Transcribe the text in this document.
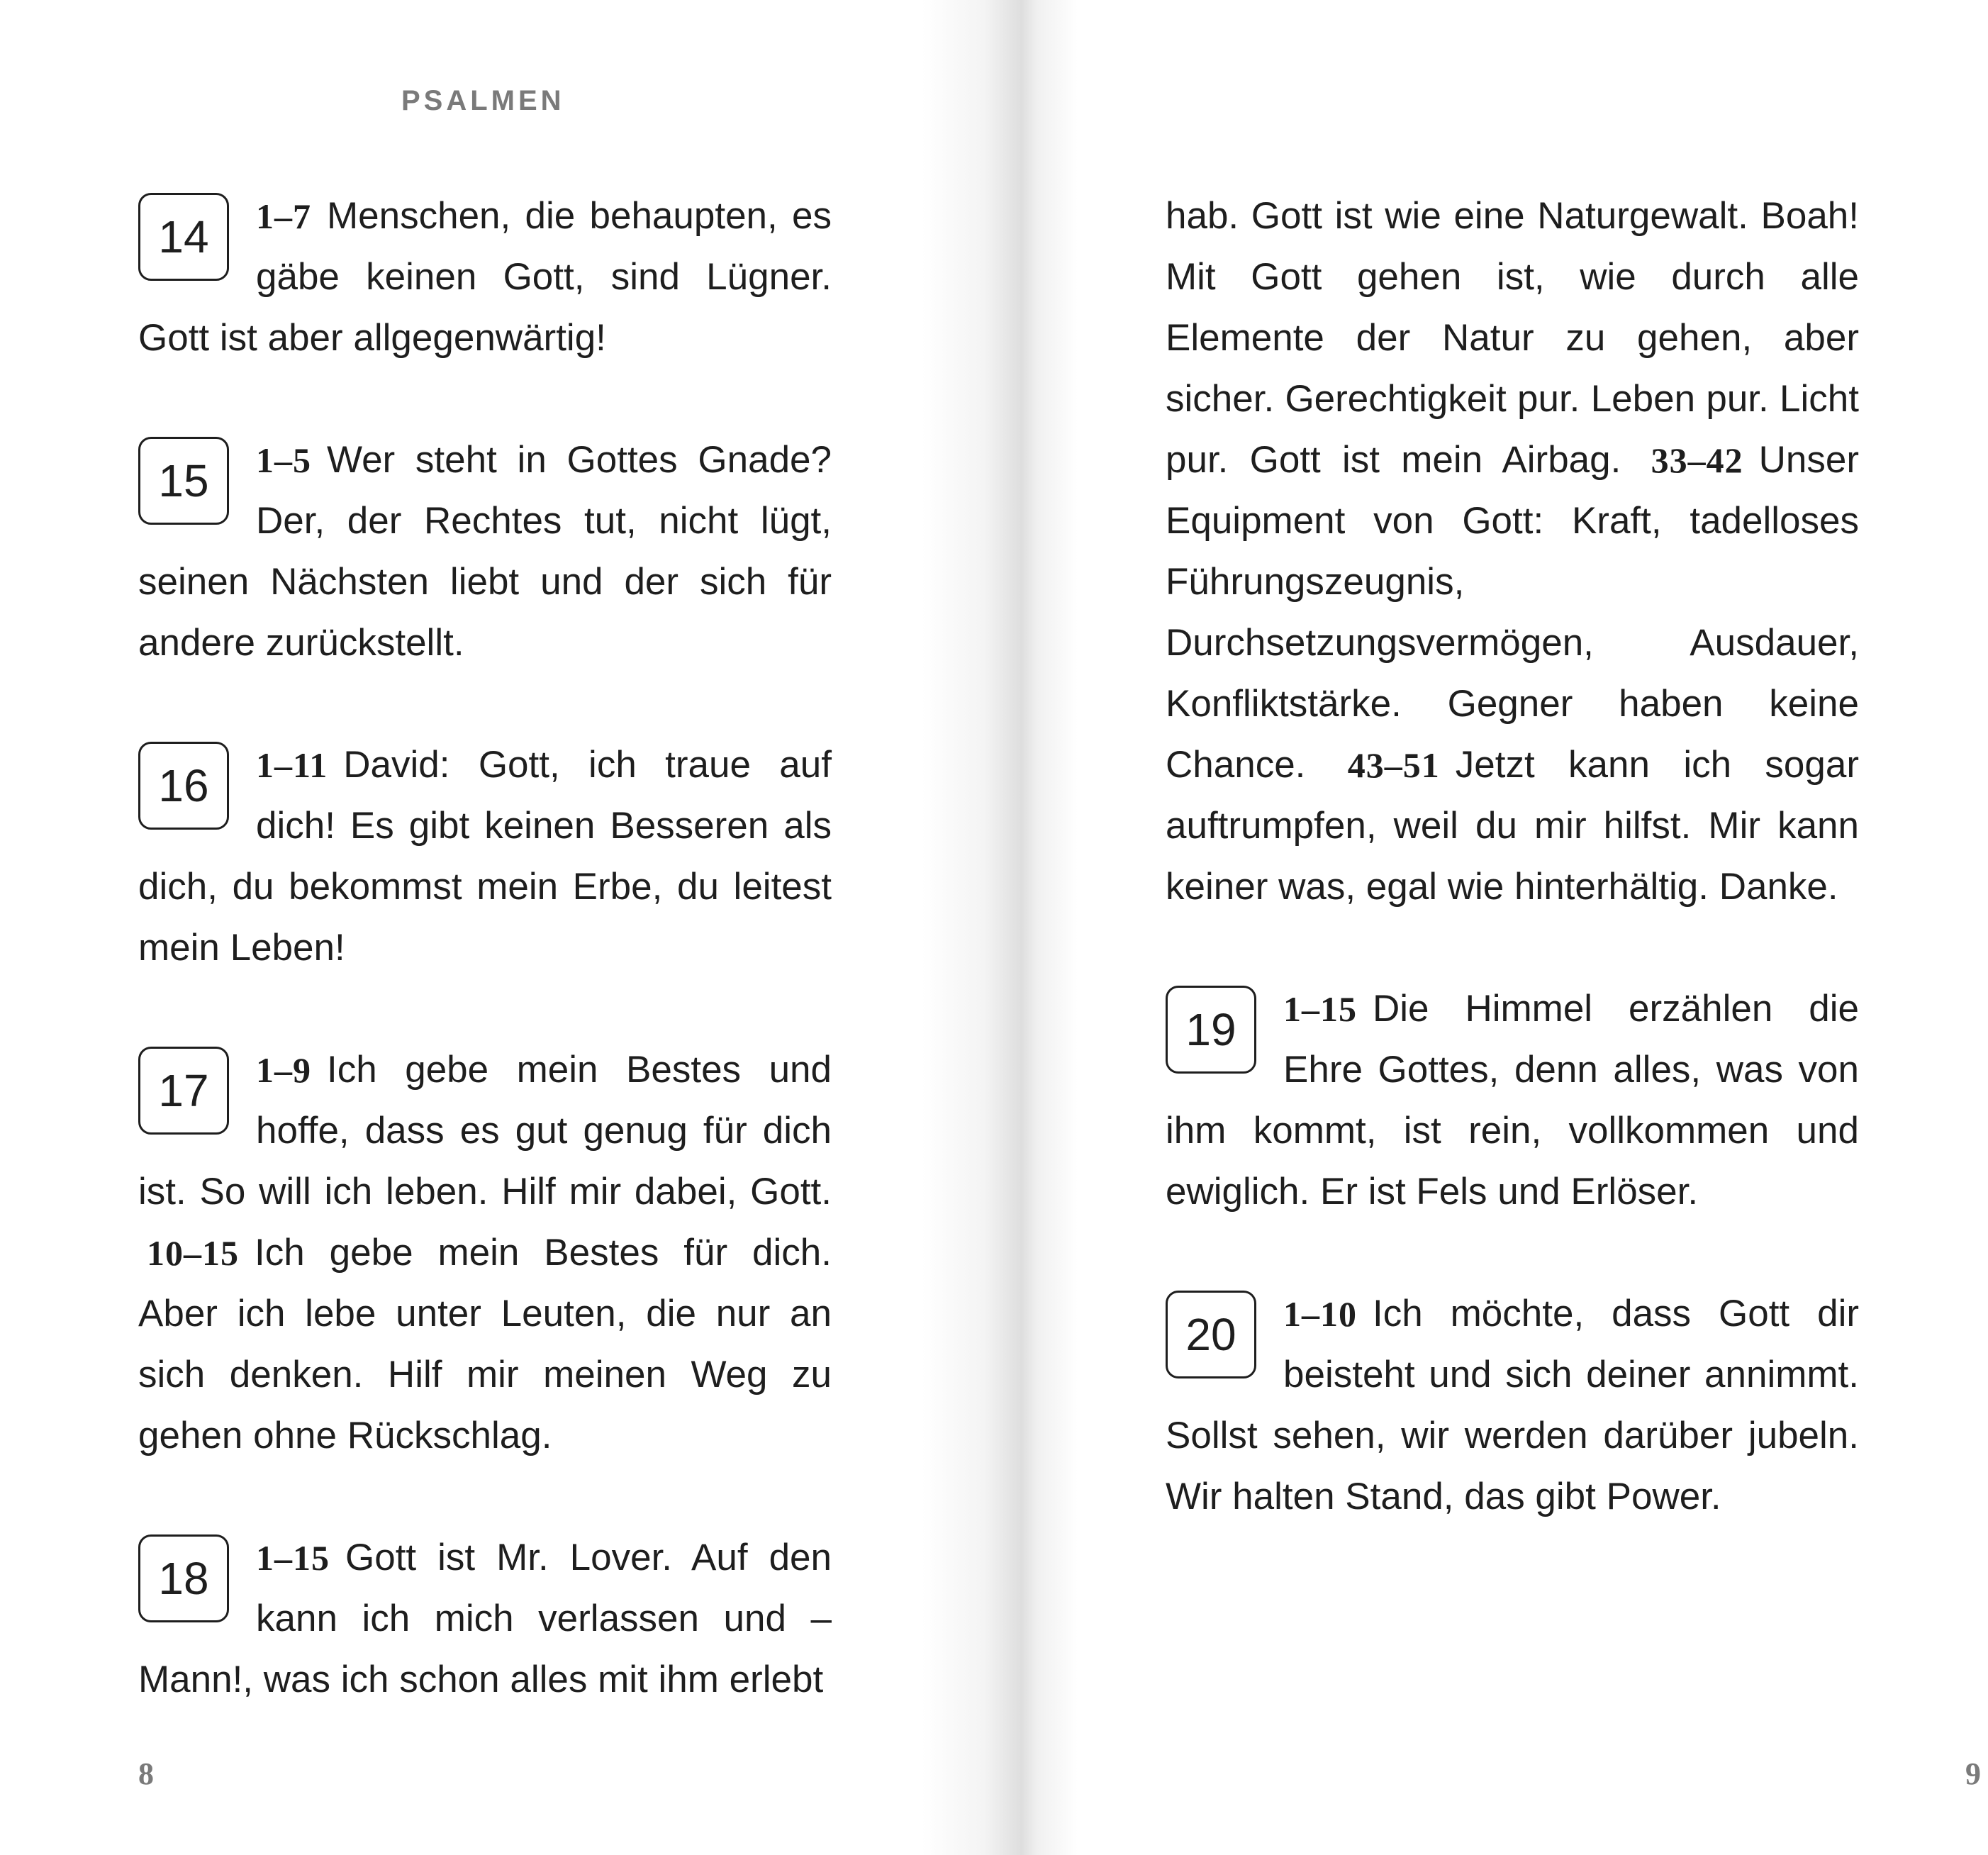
PSALMEN
14	1–7 Menschen, die behaupten, es gäbe keinen Gott, sind Lügner. Gott ist aber allgegenwärtig!
15	1–5 Wer steht in Gottes Gnade? Der, der Rechtes tut, nicht lügt, seinen Nächsten liebt und der sich für andere zurückstellt.
16	1–11 David: Gott, ich traue auf dich! Es gibt keinen Besseren als dich, du bekommst mein Erbe, du leitest mein Leben!
17	1–9 Ich gebe mein Bestes und hoffe, dass es gut genug für dich ist. So will ich leben. Hilf mir dabei, Gott. 10–15 Ich gebe mein Bestes für dich. Aber ich lebe unter Leuten, die nur an sich denken. Hilf mir meinen Weg zu gehen ohne Rückschlag.
18	1–15 Gott ist Mr. Lover. Auf den kann ich mich verlassen und – Mann!, was ich schon alles mit ihm erlebt
8
hab. Gott ist wie eine Naturgewalt. Boah! Mit Gott gehen ist, wie durch alle Elemente der Natur zu gehen, aber sicher. Gerechtigkeit pur. Leben pur. Licht pur. Gott ist mein Airbag. 33–42 Unser Equipment von Gott: Kraft, tadelloses Führungszeugnis, Durchsetzungsvermögen, Ausdauer, Konfliktstärke. Gegner haben keine Chance. 43–51 Jetzt kann ich sogar auftrumpfen, weil du mir hilfst. Mir kann keiner was, egal wie hinterhältig. Danke.
19	1–15 Die Himmel erzählen die Ehre Gottes, denn alles, was von ihm kommt, ist rein, vollkommen und ewiglich. Er ist Fels und Erlöser.
20	1–10 Ich möchte, dass Gott dir beisteht und sich deiner annimmt. Sollst sehen, wir werden darüber jubeln. Wir halten Stand, das gibt Power.
9
